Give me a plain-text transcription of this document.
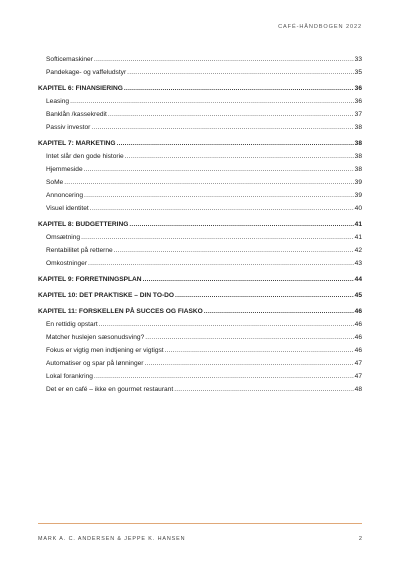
CAFÉ-HÅNDBOGEN 2022
Softicemaskiner .....	33
Pandekage- og vaffeludstyr .....	35
KAPITEL 6: FINANSIERING .....	36
Leasing .....	36
Banklån /kassekredit .....	37
Passiv investor .....	38
KAPITEL 7: MARKETING .....	38
Intet slår den gode historie .....	38
Hjemmeside .....	38
SoMe .....	39
Annoncering .....	39
Visuel identitet .....	40
KAPITEL 8: BUDGETTERING .....	41
Omsætning .....	41
Rentabilitet på retterne .....	42
Omkostninger .....	43
KAPITEL 9: FORRETNINGSPLAN .....	44
KAPITEL 10: DET PRAKTISKE – DIN TO-DO .....	45
KAPITEL 11: FORSKELLEN PÅ SUCCES OG FIASKO .....	46
En rettidig opstart .....	46
Matcher huslejen sæsonudsving? .....	46
Fokus er vigtig men indtjening er vigtigst .....	46
Automatiser og spar på lønninger .....	47
Lokal forankring .....	47
Det er en café – ikke en gourmet restaurant .....	48
MARK A. C. ANDERSEN & JEPPE K. HANSEN	2
